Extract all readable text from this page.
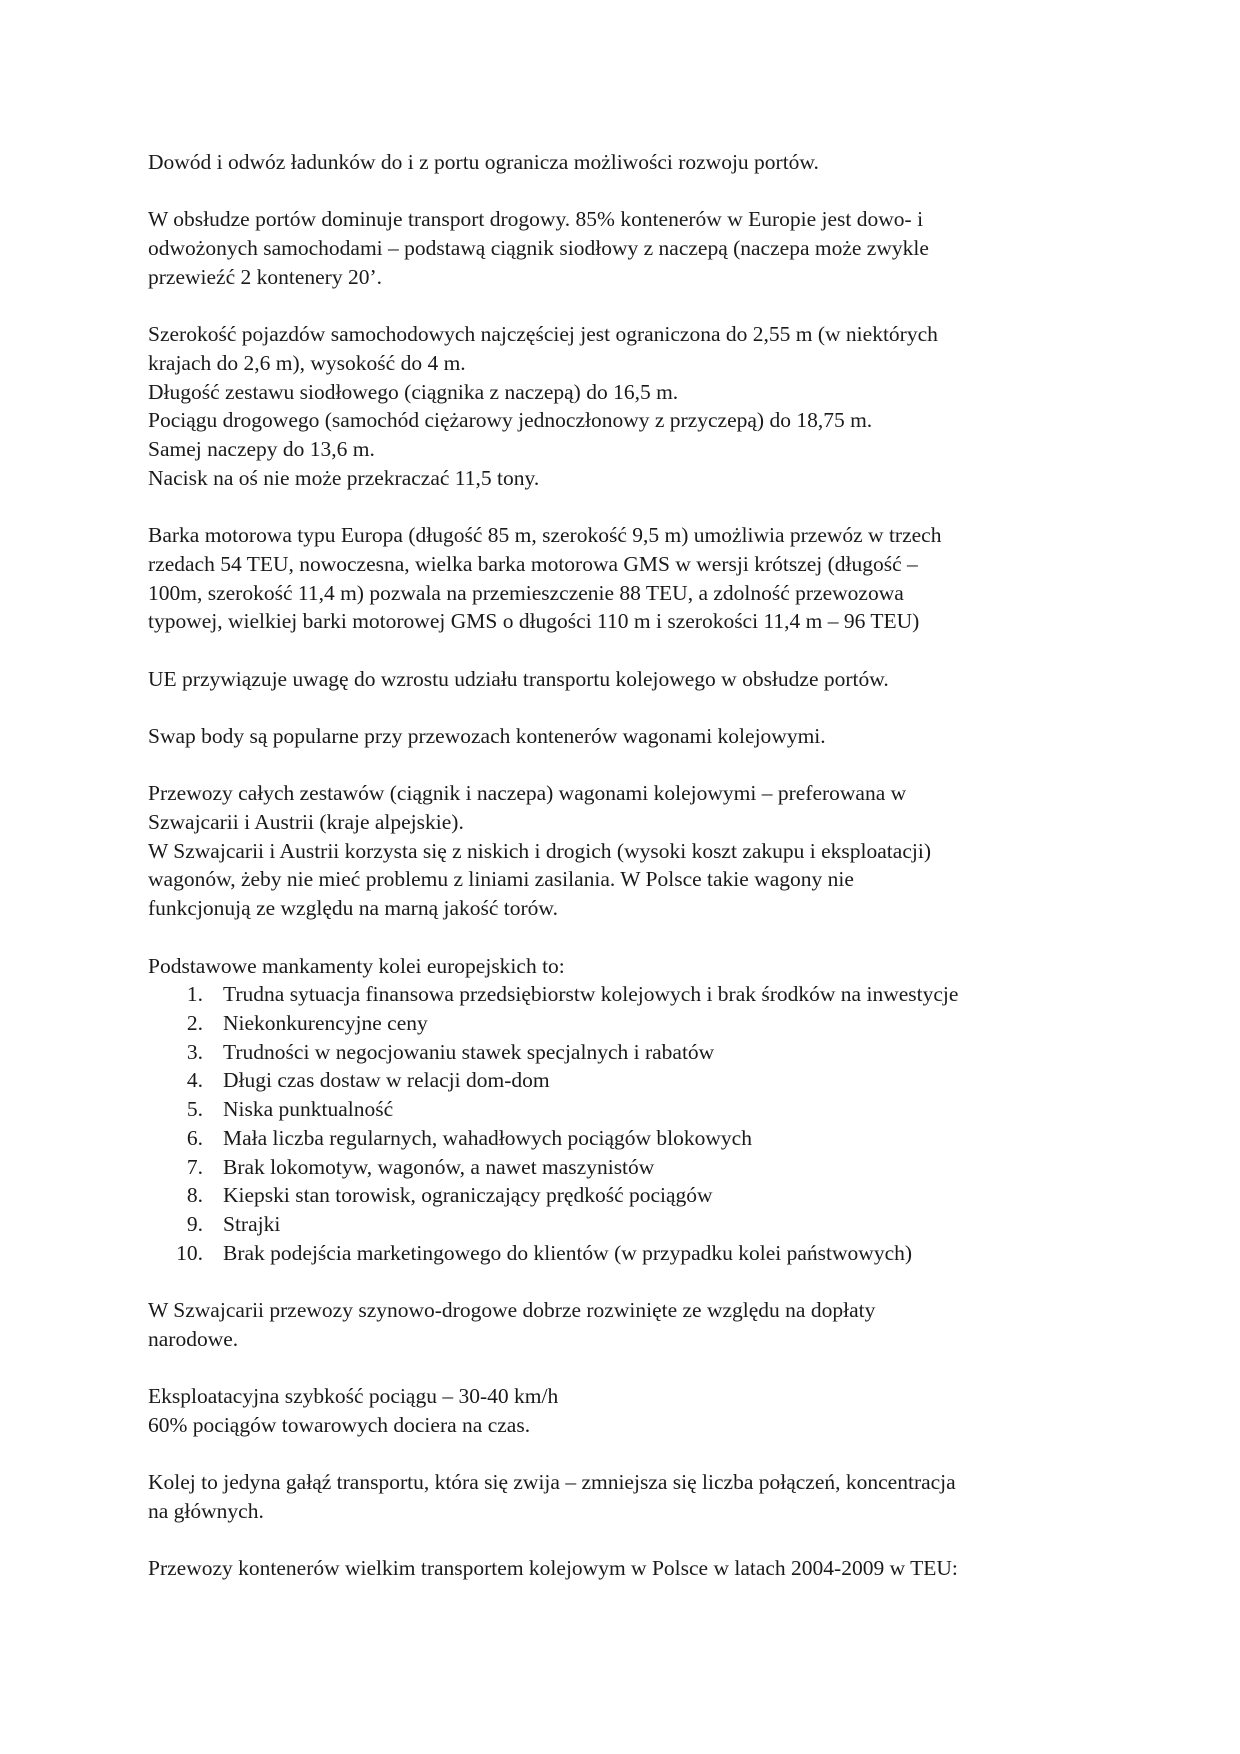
Dowód i odwóz ładunków do i z portu ogranicza możliwości rozwoju portów.

W obsłudze portów dominuje transport drogowy. 85% kontenerów w Europie jest dowo- i
odwożonych samochodami – podstawą ciągnik siodłowy z naczepą (naczepa może zwykle
przewieźć 2 kontenery 20’.

Szerokość pojazdów samochodowych najczęściej jest ograniczona do 2,55 m (w niektórych
krajach do 2,6 m), wysokość do 4 m.
Długość zestawu siodłowego (ciągnika z naczepą) do 16,5 m.
Pociągu drogowego (samochód ciężarowy jednoczłonowy z przyczepą) do 18,75 m.
Samej naczepy do 13,6 m.
Nacisk na oś nie może przekraczać 11,5 tony.

Barka motorowa typu Europa (długość 85 m, szerokość 9,5 m) umożliwia przewóz w trzech
rzedach 54 TEU, nowoczesna, wielka barka motorowa GMS w wersji krótszej (długość –
100m, szerokość 11,4 m) pozwala na przemieszczenie 88 TEU, a zdolność przewozowa
typowej, wielkiej barki motorowej GMS o długości 110 m i szerokości 11,4 m – 96 TEU)

UE przywiązuje uwagę do wzrostu udziału transportu kolejowego w obsłudze portów.

Swap body są popularne przy przewozach kontenerów wagonami kolejowymi.

Przewozy całych zestawów (ciągnik i naczepa) wagonami kolejowymi – preferowana w
Szwajcarii i Austrii (kraje alpejskie).
W Szwajcarii i Austrii korzysta się z niskich i drogich (wysoki koszt zakupu i eksploatacji)
wagonów, żeby nie mieć problemu z liniami zasilania. W Polsce takie wagony nie
funkcjonują ze względu na marną jakość torów.

Podstawowe mankamenty kolei europejskich to:
1. Trudna sytuacja finansowa przedsiębiorstw kolejowych i brak środków na inwestycje
2. Niekonkurencyjne ceny
3. Trudności w negocjowaniu stawek specjalnych i rabatów
4. Długi czas dostaw w relacji dom-dom
5. Niska punktualność
6. Mała liczba regularnych, wahadłowych pociągów blokowych
7. Brak lokomotyw, wagonów, a nawet maszynistów
8. Kiepski stan torowisk, ograniczający prędkość pociągów
9. Strajki
10. Brak podejścia marketingowego do klientów (w przypadku kolei państwowych)

W Szwajcarii przewozy szynowo-drogowe dobrze rozwinięte ze względu na dopłaty
narodowe.

Eksploatacyjna szybkość pociągu – 30-40 km/h
60% pociągów towarowych dociera na czas.

Kolej to jedyna gałąź transportu, która się zwija – zmniejsza się liczba połączeń, koncentracja
na głównych.

Przewozy kontenerów wielkim transportem kolejowym w Polsce w latach 2004-2009 w TEU:
